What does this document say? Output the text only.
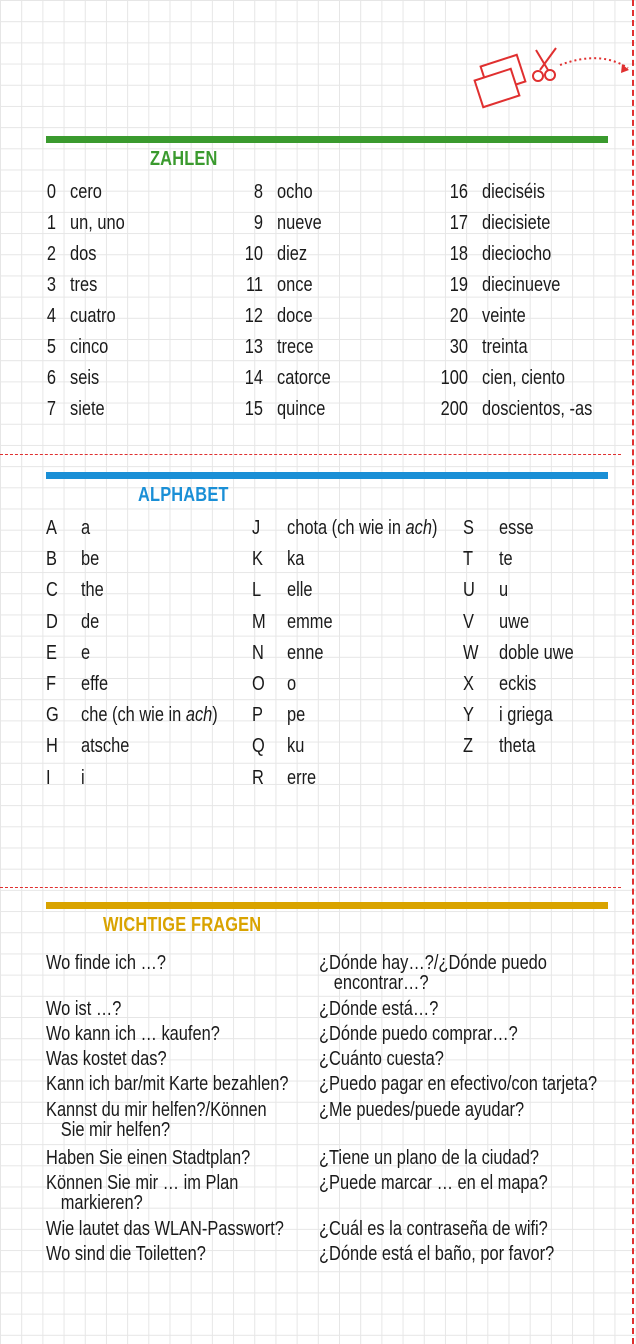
ZAHLEN
0 cero
1 un, uno
2 dos
3 tres
4 cuatro
5 cinco
6 seis
7 siete
8 ocho
9 nueve
10 diez
11 once
12 doce
13 trece
14 catorce
15 quince
16 dieciséis
17 diecisiete
18 dieciocho
19 diecinueve
20 veinte
30 treinta
100 cien, ciento
200 doscientos, -as
ALPHABET
A a
B be
C the
D de
E e
F effe
G che (ch wie in ach)
H atsche
I i
J chota (ch wie in ach)
K ka
L elle
M emme
N enne
O o
P pe
Q ku
R erre
S esse
T te
U u
V uwe
W doble uwe
X eckis
Y i griega
Z theta
WICHTIGE FRAGEN
Wo finde ich …?	¿Dónde hay…?/¿Dónde puedo
encontrar…?
Wo ist …?	¿Dónde está…?
Wo kann ich … kaufen?	¿Dónde puedo comprar…?
Was kostet das?	¿Cuánto cuesta?
Kann ich bar/mit Karte bezahlen? ¿Puedo pagar en efectivo/con tarjeta?
Kannst du mir helfen?/Können
Sie mir helfen?
¿Me puedes/puede ayudar?
Haben Sie einen Stadtplan?	¿Tiene un plano de la ciudad?
Können Sie mir … im Plan
markieren?
¿Puede marcar … en el mapa?
Wie lautet das WLAN-Passwort? ¿Cuál es la contraseña de wifi?
Wo sind die Toiletten?	¿Dónde está el baño, por favor?
